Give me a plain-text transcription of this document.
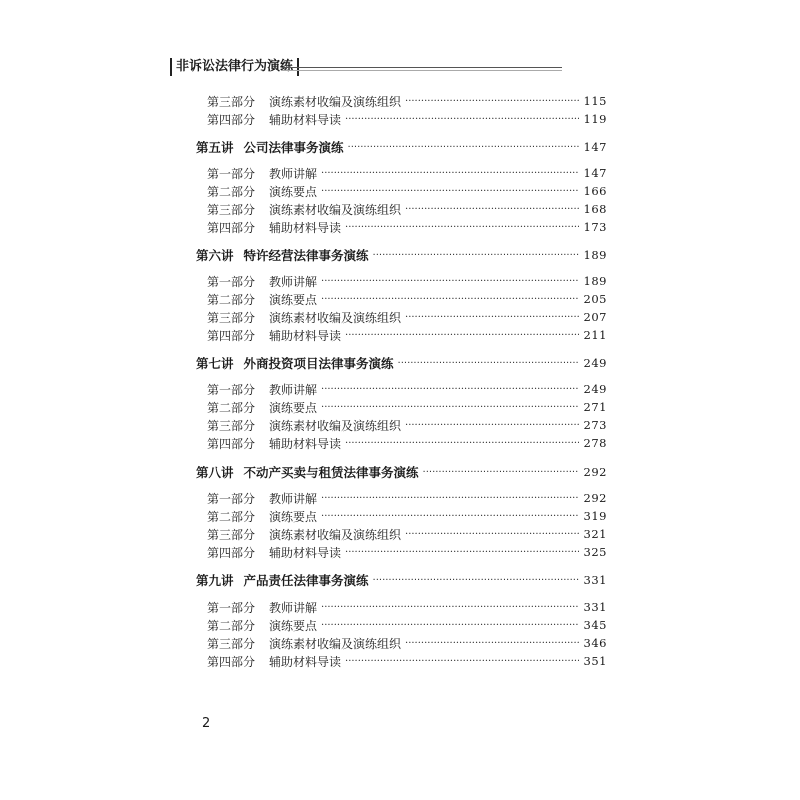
非诉讼法律行为演练
第三部分	演练素材收编及演练组织 ·····	115
第四部分	辅助材料导读 ·····	119
第五讲 公司法律事务演练 ·····	147
第一部分	教师讲解 ·····	147
第二部分	演练要点 ·····	166
第三部分	演练素材收编及演练组织 ·····	168
第四部分	辅助材料导读 ·····	173
第六讲 特许经营法律事务演练 ·····	189
第一部分	教师讲解 ·····	189
第二部分	演练要点 ·····	205
第三部分	演练素材收编及演练组织 ·····	207
第四部分	辅助材料导读 ·····	211
第七讲 外商投资项目法律事务演练 ·····	249
第一部分	教师讲解 ·····	249
第二部分	演练要点 ·····	271
第三部分	演练素材收编及演练组织 ·····	273
第四部分	辅助材料导读 ·····	278
第八讲 不动产买卖与租赁法律事务演练 ·····	292
第一部分	教师讲解 ·····	292
第二部分	演练要点 ·····	319
第三部分	演练素材收编及演练组织 ·····	321
第四部分	辅助材料导读 ·····	325
第九讲 产品责任法律事务演练 ·····	331
第一部分	教师讲解 ·····	331
第二部分	演练要点 ·····	345
第三部分	演练素材收编及演练组织 ·····	346
第四部分	辅助材料导读 ·····	351
2
